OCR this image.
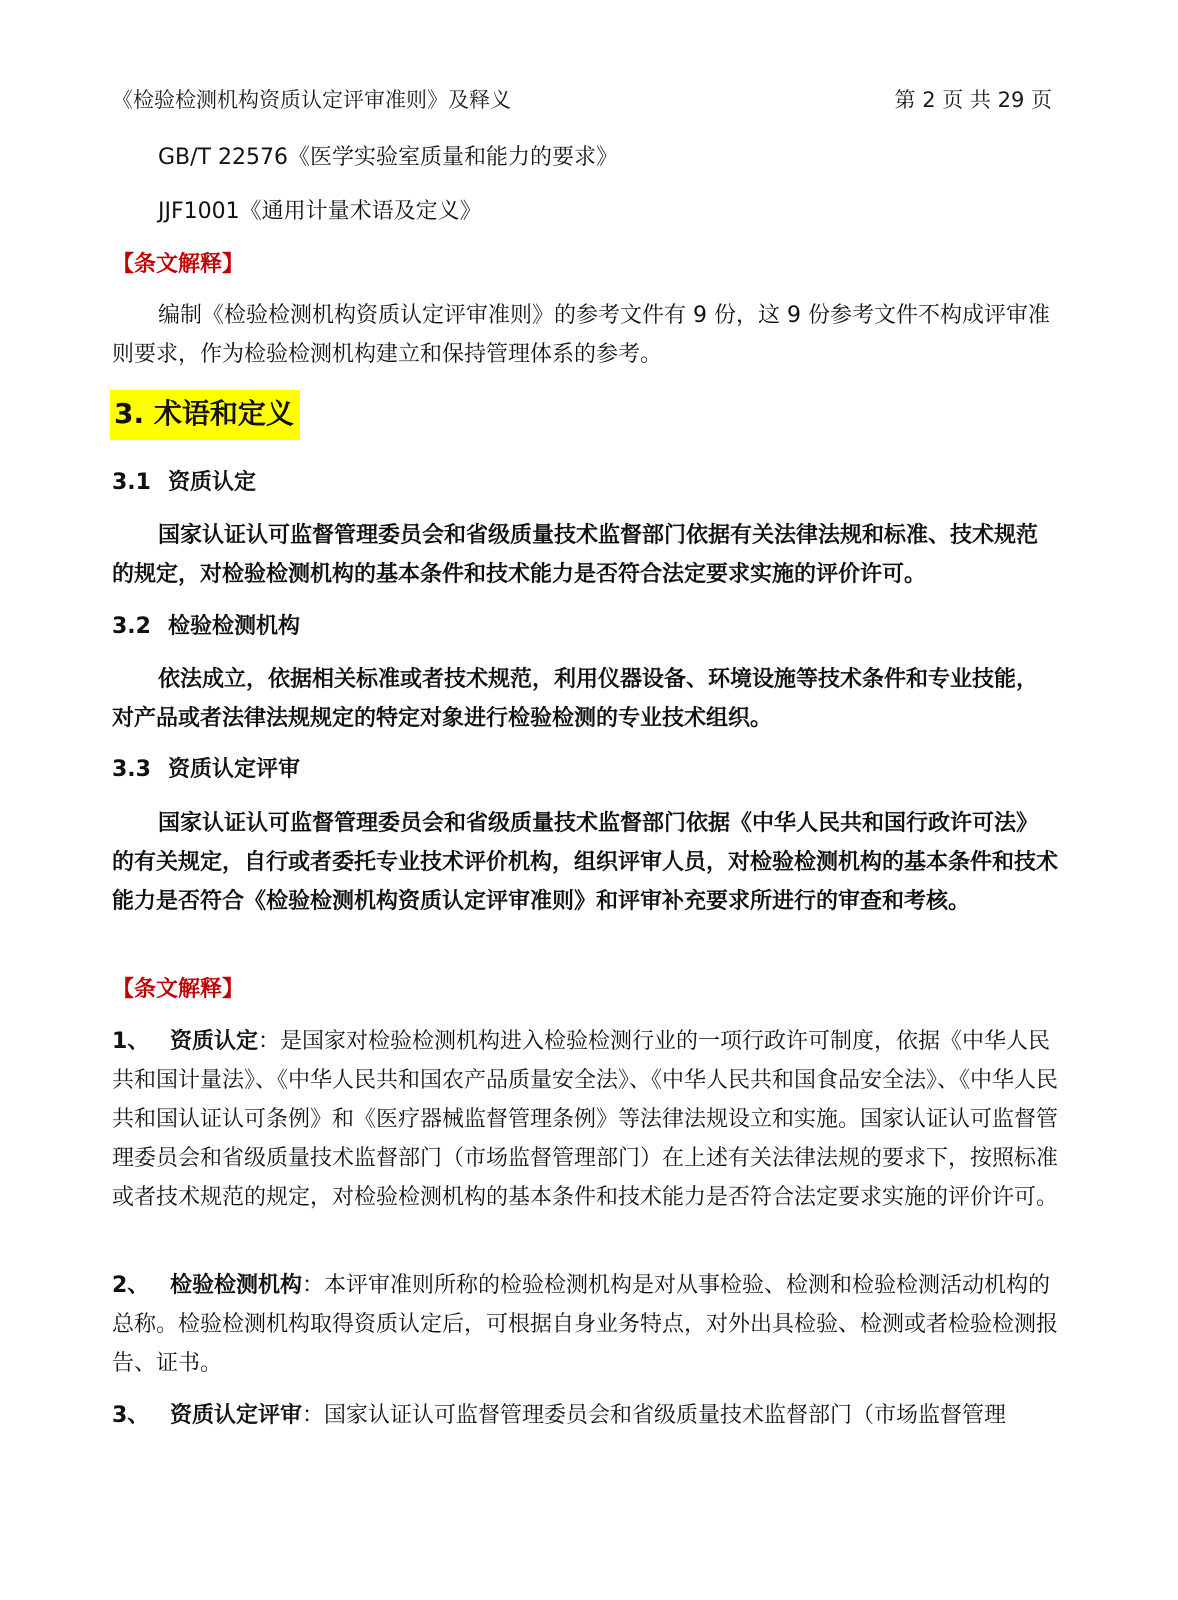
《检验检测机构资质认定评审准则》及释义	第 2 页 共 29 页
GB/T 22576《医学实验室质量和能力的要求》
JJF1001《通用计量术语及定义》
【条文解释】

编制《检验检测机构资质认定评审准则》的参考文件有 9 份，这 9 份参考文件不构成评审准则要求，作为检验检测机构建立和保持管理体系的参考。

3. 术语和定义
3.1 资质认定

国家认证认可监督管理委员会和省级质量技术监督部门依据有关法律法规和标准、技术规范的规定，对检验检测机构的基本条件和技术能力是否符合法定要求实施的评价许可。

3.2 检验检测机构

依法成立，依据相关标准或者技术规范，利用仪器设备、环境设施等技术条件和专业技能，对产品或者法律法规规定的特定对象进行检验检测的专业技术组织。

3.3 资质认定评审

国家认证认可监督管理委员会和省级质量技术监督部门依据《中华人民共和国行政许可法》的有关规定，自行或者委托专业技术评价机构，组织评审人员，对检验检测机构的基本条件和技术能力是否符合《检验检测机构资质认定评审准则》和评审补充要求所进行的审查和考核。

【条文解释】

1、 资质认定：是国家对检验检测机构进入检验检测行业的一项行政许可制度，依据《中华人民共和国计量法》、《中华人民共和国农产品质量安全法》、《中华人民共和国食品安全法》、《中华人民共和国认证认可条例》和《医疗器械监督管理条例》等法律法规设立和实施。国家认证认可监督管理委员会和省级质量技术监督部门（市场监督管理部门）在上述有关法律法规的要求下，按照标准或者技术规范的规定，对检验检测机构的基本条件和技术能力是否符合法定要求实施的评价许可。

2、 检验检测机构：本评审准则所称的检验检测机构是对从事检验、检测和检验检测活动机构的总称。检验检测机构取得资质认定后，可根据自身业务特点，对外出具检验、检测或者检验检测报告、证书。

3、 资质认定评审：国家认证认可监督管理委员会和省级质量技术监督部门（市场监督管理
